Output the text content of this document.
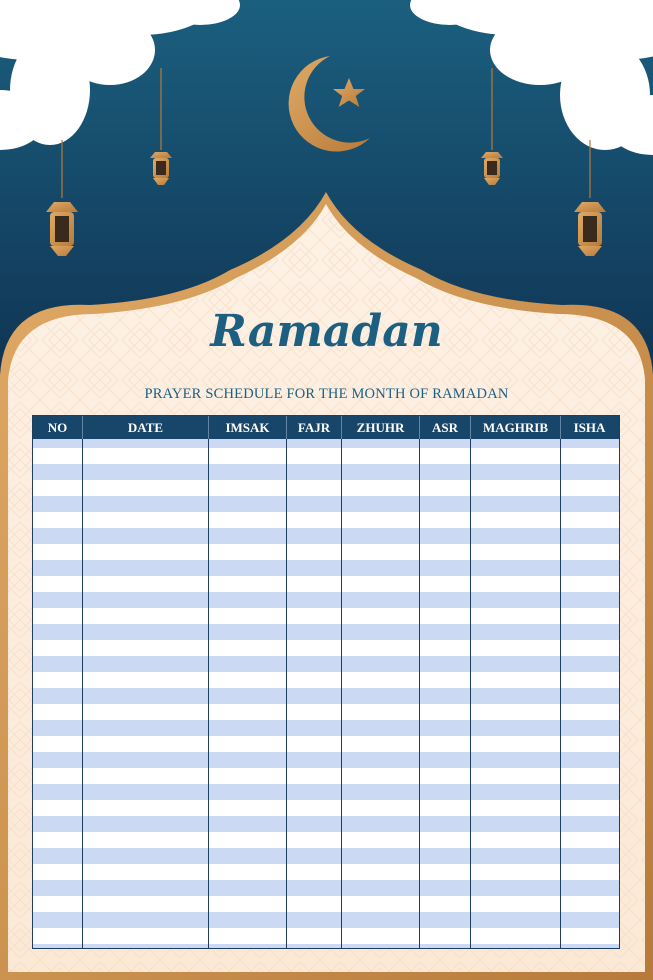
Ramadan
PRAYER SCHEDULE FOR THE MONTH OF RAMADAN
NO	DATE	IMSAK	FAJR	ZHUHR	ASR	MAGHRIB	ISHA
